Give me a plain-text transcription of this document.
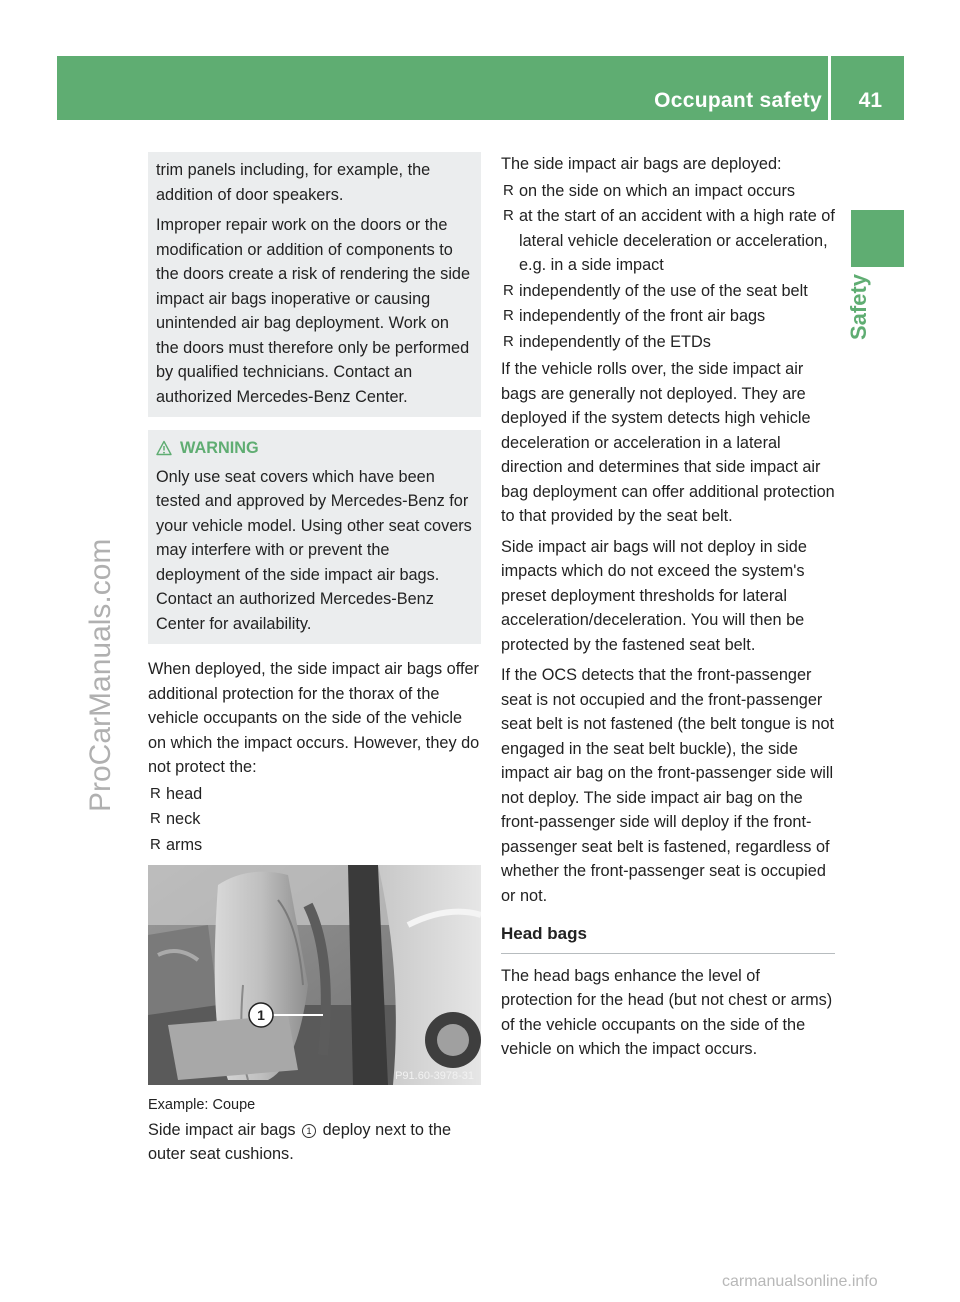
Occupant safety 41
Safety
ProCarManuals.com
carmanualsonline.info

trim panels including, for example, the addition of door speakers.

Improper repair work on the doors or the modification or addition of components to the doors create a risk of rendering the side impact air bags inoperative or causing unintended air bag deployment. Work on the doors must therefore only be performed by qualified technicians. Contact an authorized Mercedes-Benz Center.

WARNING

Only use seat covers which have been tested and approved by Mercedes-Benz for your vehicle model. Using other seat covers may interfere with or prevent the deployment of the side impact air bags. Contact an authorized Mercedes-Benz Center for availability.

When deployed, the side impact air bags offer additional protection for the thorax of the vehicle occupants on the side of the vehicle on which the impact occurs. However, they do not protect the:

R head
R neck
R arms
1
P91.60-3978-31

Example: Coupe

Side impact air bags 1 deploy next to the outer seat cushions.

The side impact air bags are deployed:

R on the side on which an impact occurs
R at the start of an accident with a high rate of lateral vehicle deceleration or acceleration, e.g. in a side impact
R independently of the use of the seat belt
R independently of the front air bags
R independently of the ETDs

If the vehicle rolls over, the side impact air bags are generally not deployed. They are deployed if the system detects high vehicle deceleration or acceleration in a lateral direction and determines that side impact air bag deployment can offer additional protection to that provided by the seat belt.

Side impact air bags will not deploy in side impacts which do not exceed the system's preset deployment thresholds for lateral acceleration/deceleration. You will then be protected by the fastened seat belt.

If the OCS detects that the front-passenger seat is not occupied and the front-passenger seat belt is not fastened (the belt tongue is not engaged in the seat belt buckle), the side impact air bag on the front-passenger side will not deploy. The side impact air bag on the front-passenger side will deploy if the front-passenger seat belt is fastened, regardless of whether the front-passenger seat is occupied or not.

Head bags

The head bags enhance the level of protection for the head (but not chest or arms) of the vehicle occupants on the side of the vehicle on which the impact occurs.
